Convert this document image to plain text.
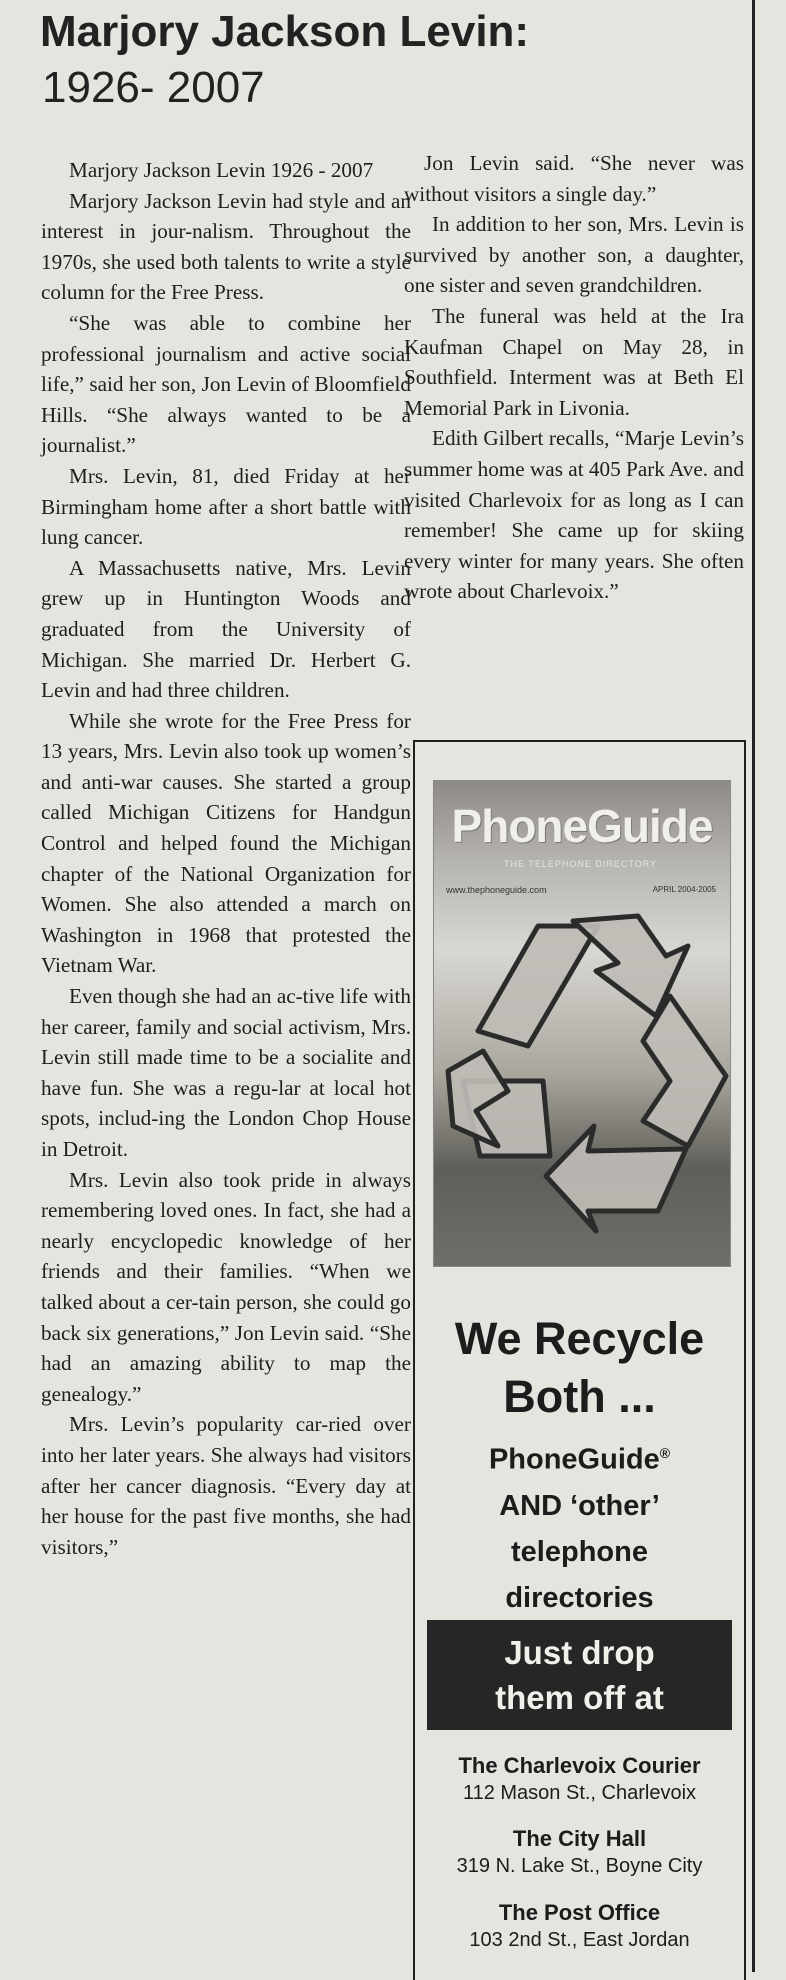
Marjory Jackson Levin:
1926- 2007

Marjory Jackson Levin 1926 - 2007

Marjory Jackson Levin had style and an interest in jour-nalism. Throughout the 1970s, she used both talents to write a style column for the Free Press.

“She was able to combine her professional journalism and active social life,” said her son, Jon Levin of Bloomfield Hills. “She always wanted to be a journalist.”

Mrs. Levin, 81, died Friday at her Birmingham home after a short battle with lung cancer.

A Massachusetts native, Mrs. Levin grew up in Huntington Woods and graduated from the University of Michigan. She married Dr. Herbert G. Levin and had three children.

While she wrote for the Free Press for 13 years, Mrs. Levin also took up women’s and anti-war causes. She started a group called Michigan Citizens for Handgun Control and helped found the Michigan chapter of the National Organization for Women. She also attended a march on Washington in 1968 that protested the Vietnam War.

Even though she had an ac-tive life with her career, family and social activism, Mrs. Levin still made time to be a socialite and have fun. She was a regu-lar at local hot spots, includ-ing the London Chop House in Detroit.

Mrs. Levin also took pride in always remembering loved ones. In fact, she had a nearly encyclopedic knowledge of her friends and their families. “When we talked about a cer-tain person, she could go back six generations,” Jon Levin said. “She had an amazing ability to map the genealogy.”

Mrs. Levin’s popularity car-ried over into her later years. She always had visitors after her cancer diagnosis. “Every day at her house for the past five months, she had visitors,”

Jon Levin said. “She never was without visitors a single day.”

In addition to her son, Mrs. Levin is survived by another son, a daughter, one sister and seven grandchildren.

The funeral was held at the Ira Kaufman Chapel on May 28, in Southfield. Interment was at Beth El Memorial Park in Livonia.

Edith Gilbert recalls, “Marje Levin’s summer home was at 405 Park Ave. and visited Charlevoix for as long as I can remember! She came up for skiing every winter for many years. She often wrote about Charlevoix.”

PhoneGuide
THE TELEPHONE DIRECTORY
www.thephoneguide.com	APRIL 2004-2005
We Recycle
Both ...
PhoneGuide®
AND ‘other’
telephone
directories
Just drop
them off at
The Charlevoix Courier
112 Mason St., Charlevoix
The City Hall
319 N. Lake St., Boyne City
The Post Office
103 2nd St., East Jordan
